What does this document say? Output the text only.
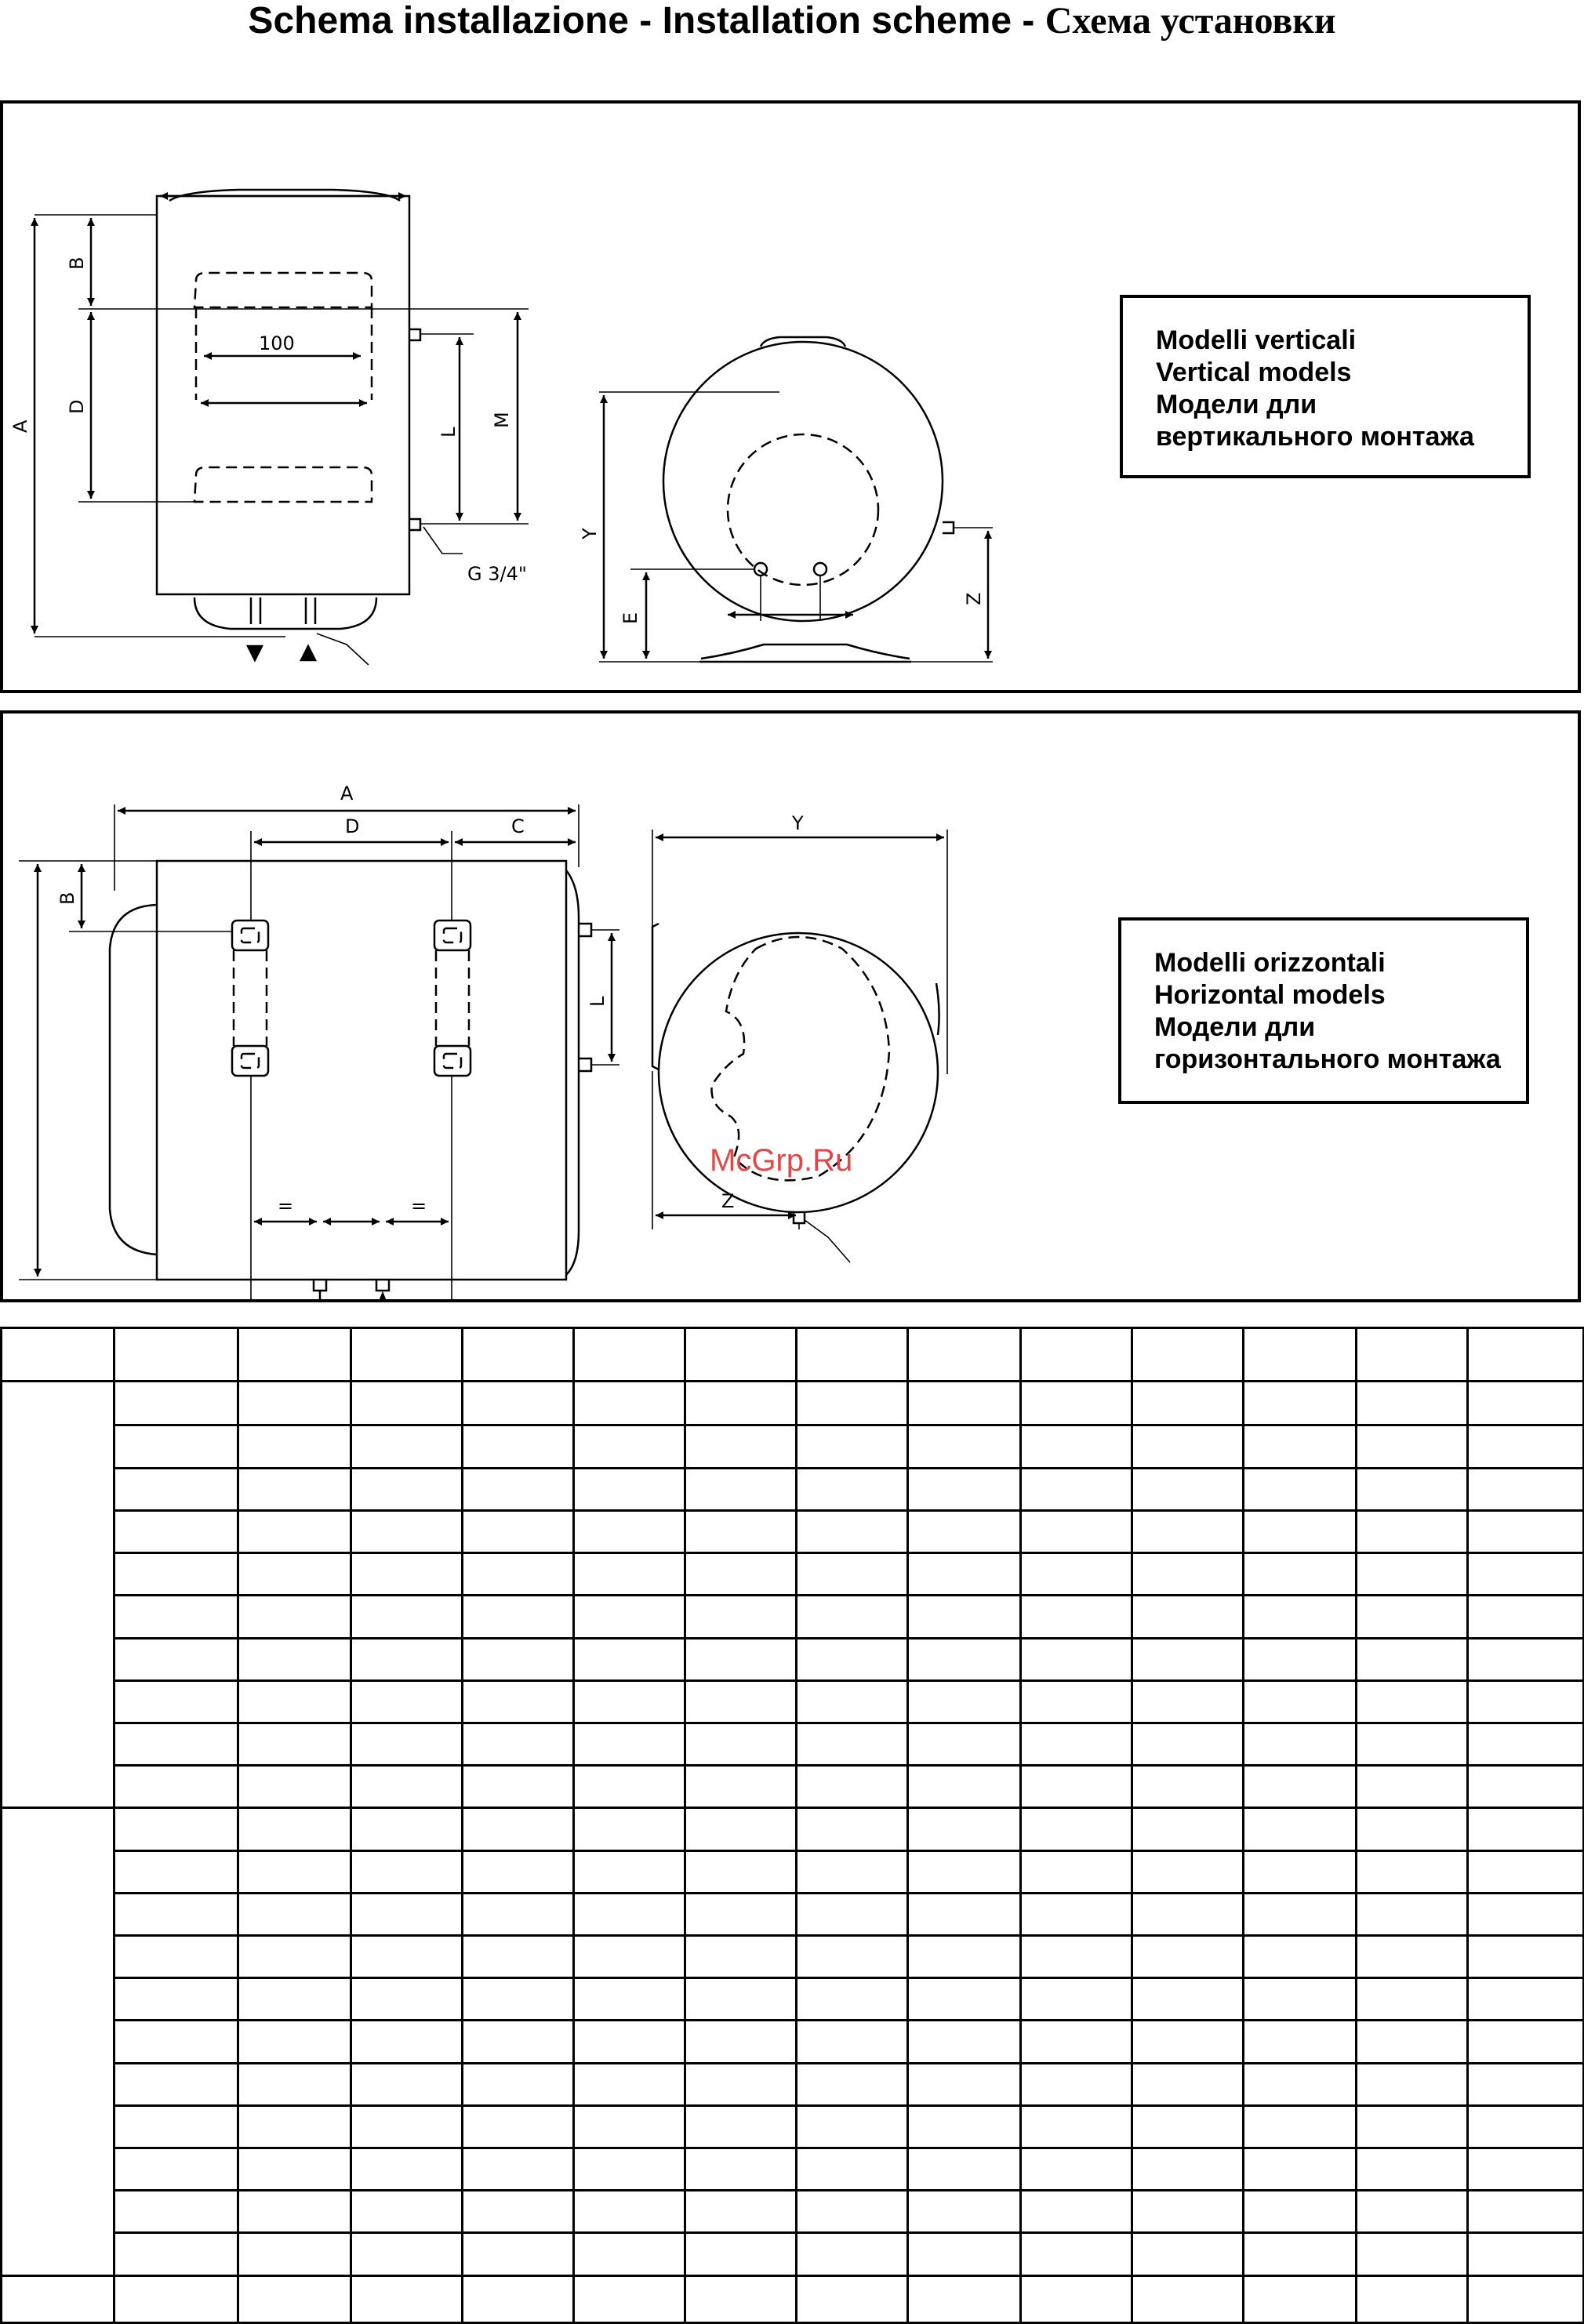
Schema installazione - Installation scheme - Схема установки
A
B
D
L
M
100
G 3/4"
Y
E
Z
Modelli verticali
Vertical models
Модели дли
вертикального монтажа
A
D	C
B
L
=	=
Y
Z
Modelli orizzontali
Horizontal models
Модели дли
горизонтального монтажа
McGrp.Ru
